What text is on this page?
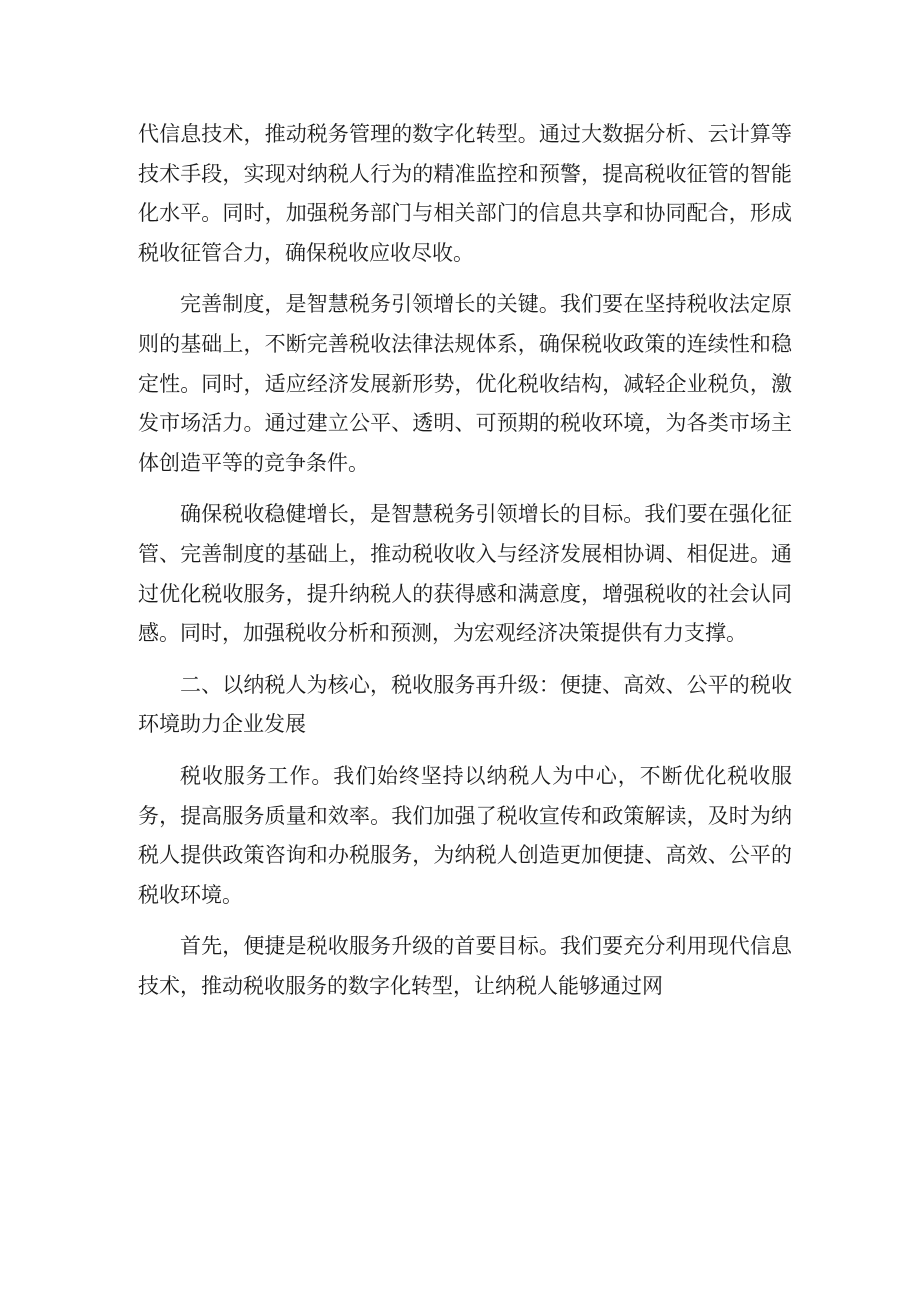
代信息技术，推动税务管理的数字化转型。通过大数据分析、云计算等技术手段，实现对纳税人行为的精准监控和预警，提高税收征管的智能化水平。同时，加强税务部门与相关部门的信息共享和协同配合，形成税收征管合力，确保税收应收尽收。

完善制度，是智慧税务引领增长的关键。我们要在坚持税收法定原则的基础上，不断完善税收法律法规体系，确保税收政策的连续性和稳定性。同时，适应经济发展新形势，优化税收结构，减轻企业税负，激发市场活力。通过建立公平、透明、可预期的税收环境，为各类市场主体创造平等的竞争条件。

确保税收稳健增长，是智慧税务引领增长的目标。我们要在强化征管、完善制度的基础上，推动税收收入与经济发展相协调、相促进。通过优化税收服务，提升纳税人的获得感和满意度，增强税收的社会认同感。同时，加强税收分析和预测，为宏观经济决策提供有力支撑。

二、以纳税人为核心，税收服务再升级：便捷、高效、公平的税收环境助力企业发展

税收服务工作。我们始终坚持以纳税人为中心，不断优化税收服务，提高服务质量和效率。我们加强了税收宣传和政策解读，及时为纳税人提供政策咨询和办税服务，为纳税人创造更加便捷、高效、公平的税收环境。

首先，便捷是税收服务升级的首要目标。我们要充分利用现代信息技术，推动税收服务的数字化转型，让纳税人能够通过网
